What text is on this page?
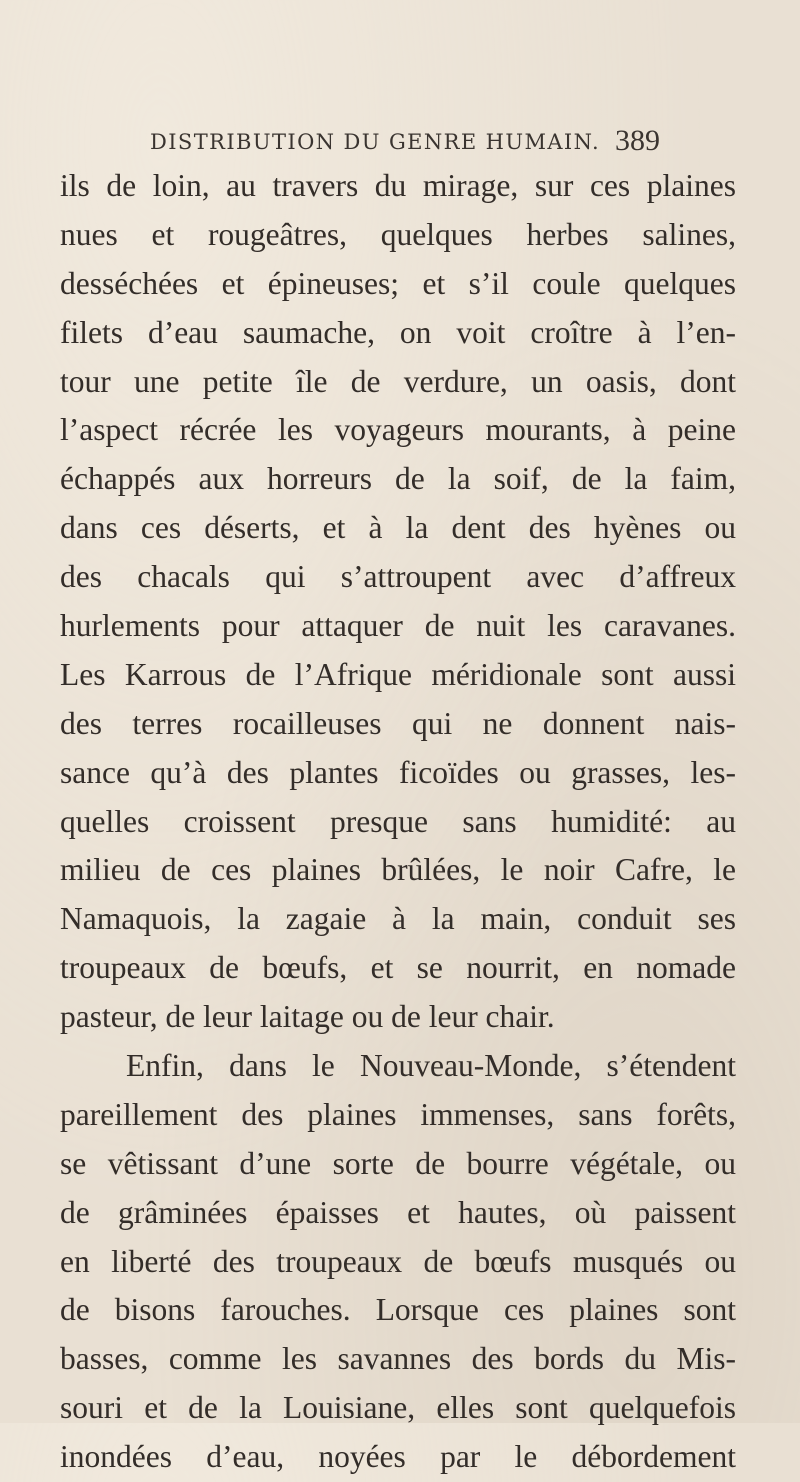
DISTRIBUTION DU GENRE HUMAIN. 389
ils de loin, au travers du mirage, sur ces plaines
nues et rougeâtres, quelques herbes salines,
desséchées et épineuses; et s’il coule quelques
filets d’eau saumache, on voit croître à l’en-
tour une petite île de verdure, un oasis, dont
l’aspect récrée les voyageurs mourants, à peine
échappés aux horreurs de la soif, de la faim,
dans ces déserts, et à la dent des hyènes ou
des chacals qui s’attroupent avec d’affreux
hurlements pour attaquer de nuit les caravanes.
Les Karrous de l’Afrique méridionale sont aussi
des terres rocailleuses qui ne donnent nais-
sance qu’à des plantes ficoïdes ou grasses, les-
quelles croissent presque sans humidité: au
milieu de ces plaines brûlées, le noir Cafre, le
Namaquois, la zagaie à la main, conduit ses
troupeaux de bœufs, et se nourrit, en nomade
pasteur, de leur laitage ou de leur chair.
Enfin, dans le Nouveau-Monde, s’étendent
pareillement des plaines immenses, sans forêts,
se vêtissant d’une sorte de bourre végétale, ou
de grâminées épaisses et hautes, où paissent
en liberté des troupeaux de bœufs musqués ou
de bisons farouches. Lorsque ces plaines sont
basses, comme les savannes des bords du Mis-
souri et de la Louisiane, elles sont quelquefois
inondées d’eau, noyées par le débordement
